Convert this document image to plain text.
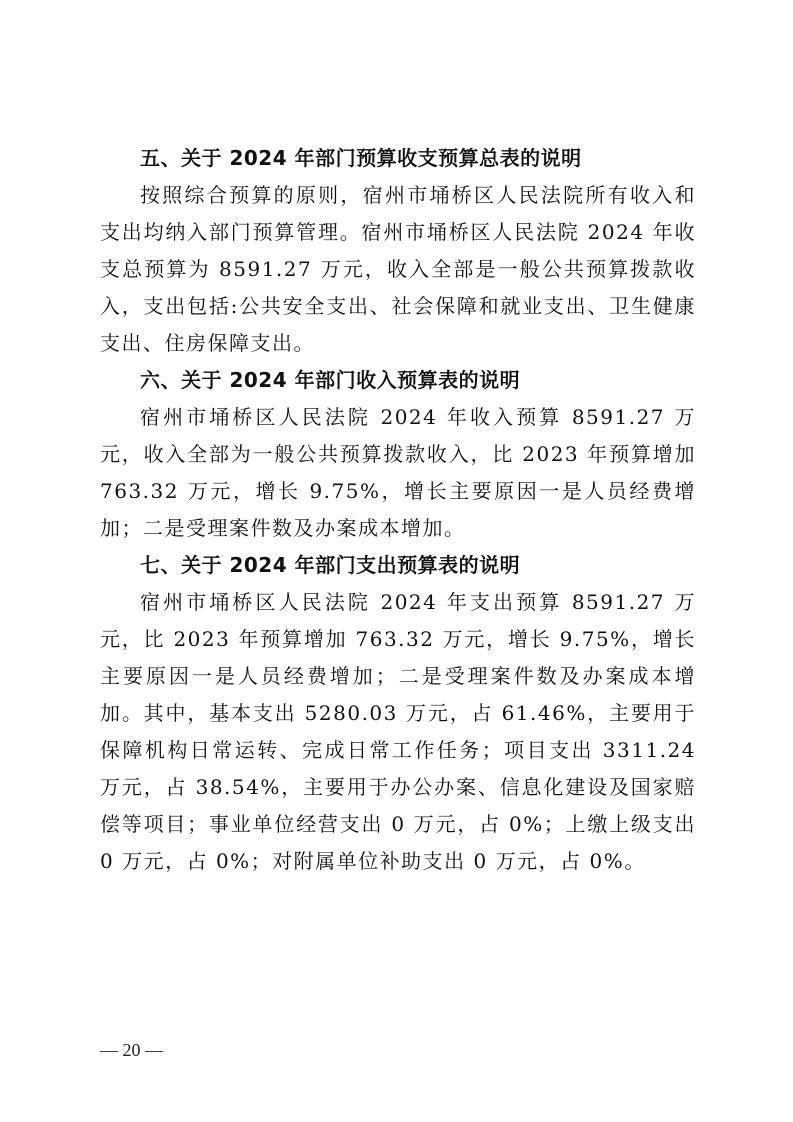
五、关于 2024 年部门预算收支预算总表的说明

按照综合预算的原则，宿州市埇桥区人民法院所有收入和支出均纳入部门预算管理。宿州市埇桥区人民法院 2024 年收支总预算为 8591.27 万元，收入全部是一般公共预算拨款收入，支出包括:公共安全支出、社会保障和就业支出、卫生健康支出、住房保障支出。

六、关于 2024 年部门收入预算表的说明

宿州市埇桥区人民法院 2024 年收入预算 8591.27 万元，收入全部为一般公共预算拨款收入，比 2023 年预算增加 763.32 万元，增长 9.75%，增长主要原因一是人员经费增加；二是受理案件数及办案成本增加。

七、关于 2024 年部门支出预算表的说明

宿州市埇桥区人民法院 2024 年支出预算 8591.27 万元，比 2023 年预算增加 763.32 万元，增长 9.75%，增长主要原因一是人员经费增加；二是受理案件数及办案成本增加。其中，基本支出 5280.03 万元，占 61.46%，主要用于保障机构日常运转、完成日常工作任务；项目支出 3311.24 万元，占 38.54%，主要用于办公办案、信息化建设及国家赔偿等项目；事业单位经营支出 0 万元，占 0%；上缴上级支出 0 万元，占 0%；对附属单位补助支出 0 万元，占 0%。

— 20 —
